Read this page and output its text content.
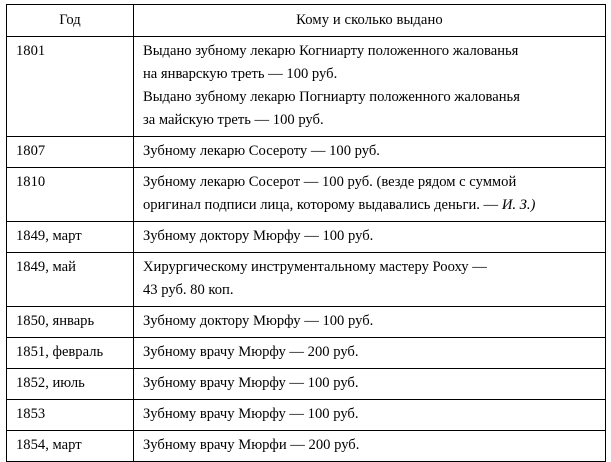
Год	Кому и сколько выдано
1801	Выдано зубному лекарю Когниарту положенного жалованья
на январскую треть — 100 руб.
Выдано зубному лекарю Погниарту положенного жалованья
за майскую треть — 100 руб.

1807	Зубному лекарю Сосероту — 100 руб.

1810	Зубному лекарю Сосерот — 100 руб. (везде рядом с суммой
оригинал подписи лица, которому выдавались деньги. — И. З.)

1849, март	Зубному доктору Мюрфу — 100 руб.

1849, май	Хирургическому инструментальному мастеру Рооху —
43 руб. 80 коп.

1850, январь	Зубному доктору Мюрфу — 100 руб.

1851, февраль	Зубному врачу Мюрфу — 200 руб.

1852, июль	Зубному врачу Мюрфу — 100 руб.

1853	Зубному врачу Мюрфу — 100 руб.

1854, март	Зубному врачу Мюрфи — 200 руб.
